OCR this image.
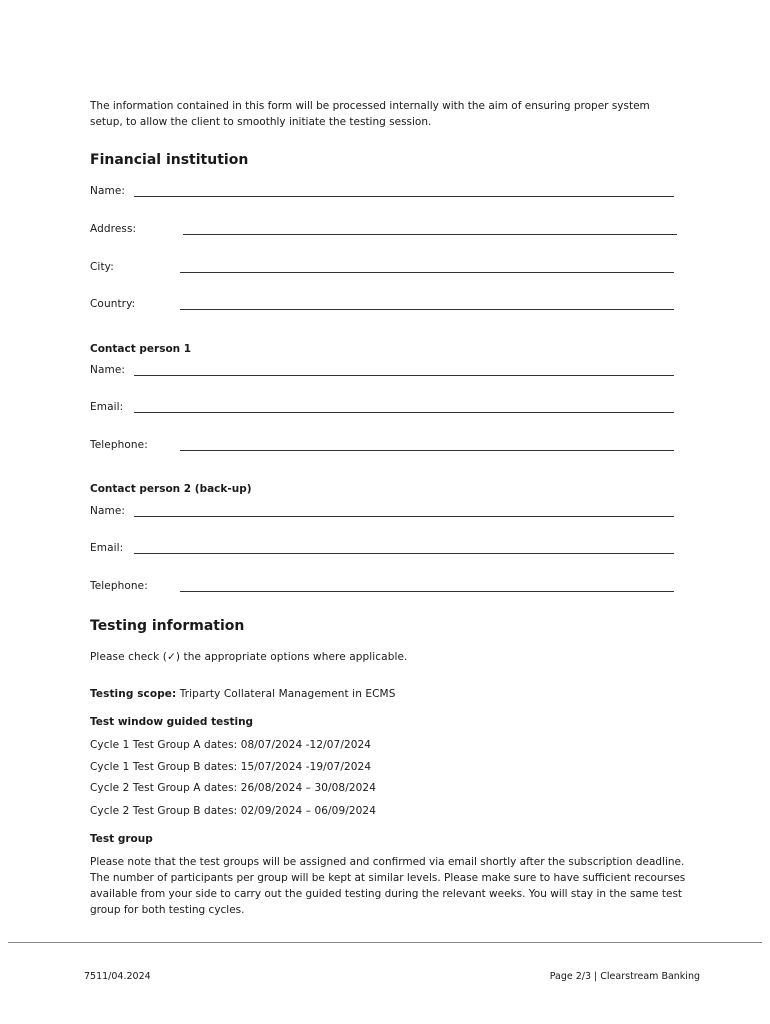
The information contained in this form will be processed internally with the aim of ensuring proper system setup, to allow the client to smoothly initiate the testing session.
Financial institution
Name:
Address:
City:
Country:
Contact person 1
Name:
Email:
Telephone:
Contact person 2 (back-up)
Name:
Email:
Telephone:
Testing information
Please check (✓) the appropriate options where applicable.
Testing scope: Triparty Collateral Management in ECMS
Test window guided testing
Cycle 1 Test Group A dates: 08/07/2024 -12/07/2024
Cycle 1 Test Group B dates: 15/07/2024 -19/07/2024
Cycle 2 Test Group A dates: 26/08/2024 – 30/08/2024
Cycle 2 Test Group B dates: 02/09/2024 – 06/09/2024
Test group
Please note that the test groups will be assigned and confirmed via email shortly after the subscription deadline. The number of participants per group will be kept at similar levels. Please make sure to have sufficient recourses available from your side to carry out the guided testing during the relevant weeks. You will stay in the same test group for both testing cycles.
7511/04.2024	Page 2/3 | Clearstream Banking
